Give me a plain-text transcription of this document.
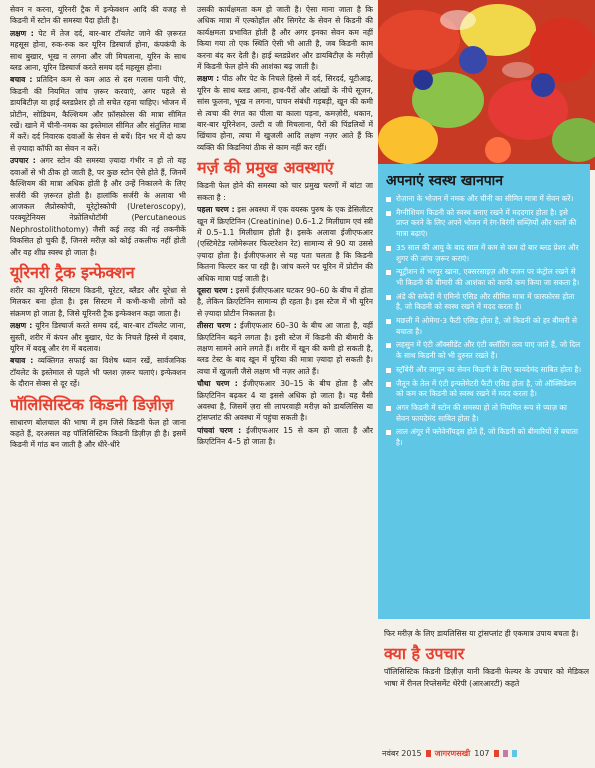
सेवन न करना, यूरिनरी ट्रैक में इन्फेक्शन आदि की वजह से किडनी में स्टोन की समस्या पैदा होती है।

लक्षण : पेट में तेज दर्द, बार-बार टॉयलेट जाने की ज़रूरत महसूस होना, रुक-रुक कर यूरिन डिस्चार्ज होना, कंपकंपी के साथ बुखार, भूख न लगना और जी मिचलाना, यूरिन के साथ ब्लड आना, यूरिन डिस्चार्ज करते समय दर्द महसूस होना।

बचाव : प्रतिदिन कम से कम आठ से दस गलास पानी पीएं, किडनी की नियमित जांच ज़रूर करवाएं, अगर पहले से डायबिटीज़ या हाई ब्लडप्रेशर हो तो सचेत रहना चाहिए। भोजन में प्रोटीन, सोडियम, कैल्शियम और फ़ॉस्फ़ोरस की मात्रा सीमित रखें। खाने में चीनी-नमक का इस्तेमाल सीमित और संतुलित मात्रा में करें। दर्द निवारक दवाओं के सेवन से बचें। दिन भर में दो कप से ज़्यादा कॉफी का सेवन न करें।

उपचार : अगर स्टोन की समस्या ज़्यादा गंभीर न हो तो यह दवाओं से भी ठीक हो जाती है, पर कुछ स्टोन ऐसे होते हैं, जिनमें कैल्शियम की मात्रा अधिक होती है और उन्हें निकालने के लिए सर्जरी की ज़रूरत होती है। हालांकि सर्जरी के अलावा भी आजकल लैप्रोस्कोपी, यूरेट्रोस्कोपी (Ureteroscopy), परक्यूटेनियस नेफ्रोलिथोटॉमी (Percutaneous Nephrostolithotomy) जैसी कई तरह की नई तकनीकें विकसित हो चुकी हैं, जिनसे मरीज़ को कोई तकलीफ नहीं होती और वह शीघ्र स्वस्थ हो जाता है।

यूरिनरी ट्रैक इन्फेक्शन

शरीर का यूरिनरी सिस्टम किडनी, यूरेटर, ब्लैडर और यूरेथ्रा से मिलकर बना होता है। इस सिस्टम में कभी-कभी लोगों को संक्रमण हो जाता है, जिसे यूरिनरी ट्रैक इन्फेक्शन कहा जाता है।

लक्षण : यूरिन डिस्चार्ज करते समय दर्द, बार-बार टॉयलेट जाना, सुस्ती, शरीर में कंपन और बुखार, पेट के निचले हिस्से में दबाव, यूरिन में बदबू और रंग में बदलाव।

बचाव : व्यक्तिगत सफाई का विशेष ध्यान रखें, सार्वजनिक टॉयलेट के इस्तेमाल से पहले भी फ्लश ज़रूर चलाएं। इन्फेक्शन के दौरान सेक्स से दूर रहें।

पॉलिसिस्टिक किडनी डिज़ीज़

साधारण बोलचाल की भाषा में हम जिसे किडनी फेल हो जाना कहते हैं, दरअसल वह पॉलिसिस्टिक किडनी डिज़ीज़ ही है। इसमें किडनी में गांठ बन जाती है और धीरे-धीरे

उसकी कार्यक्षमता कम हो जाती है। ऐसा माना जाता है कि अधिक मात्रा में एल्कोहॉल और सिगरेट के सेवन से किडनी की कार्यक्षमता प्रभावित होती है और अगर इनका सेवन कम नहीं किया गया तो एक स्थिति ऐसी भी आती है, जब किडनी काम करना बंद कर देती है। हाई ब्लडप्रेशर और डायबिटीज़ के मरीज़ों में किडनी फेल होने की आशंका बढ़ जाती है।

लक्षण : पीठ और पेट के निचले हिस्से में दर्द, सिरदर्द, यूटीआइ, यूरिन के साथ ब्लड आना, हाथ-पैरों और आंखों के नीचे सूजन, सांस फूलना, भूख न लगना, पाचन संबंधी गड़बड़ी, खून की कमी से त्वचा की रंगत का पीला या काला पड़ना, कमज़ोरी, थकान, बार-बार यूरिनेशन, उल्टी व जी मिचलाना, पैरों की पिंडलियों में खिंचाव होना, त्वचा में खुजली आदि लक्षण नज़र आते हैं कि व्यक्ति की किडनियां ठीक से काम नहीं कर रहीं।

मर्ज़ की प्रमुख अवस्थाएं

किडनी फेल होने की समस्या को चार प्रमुख चरणों में बांटा जा सकता है :

पहला चरण : इस अवस्था में एक वयस्क पुरुष के एक डेसिलीटर खून में क्रिएटिनिन (Creatinine) 0.6–1.2 मिलीग्राम एवं स्त्री में 0.5–1.1 मिलीग्राम होती है। इसके अलावा ईजीएफआर (एस्टिमेटेड ग्लोमेरूलर फिल्टरेशन रेट) सामान्य से 90 या उससे ज़्यादा होता है। ईजीएफआर से यह पता चलता है कि किडनी कितना फिल्टर कर पा रही है। जांच करने पर यूरिन में प्रोटीन की अधिक मात्रा पाई जाती है।

दूसरा चरण : इसमें ईजीएफआर घटकर 90–60 के बीच में होता है, लेकिन क्रिएटिनिन सामान्य ही रहता है। इस स्टेज में भी यूरिन से ज़्यादा प्रोटीन निकलता है।

तीसरा चरण : ईजीएफआर 60–30 के बीच आ जाता है, वहीं क्रिएटिनिन बढ़ने लगता है। इसी स्टेज में किडनी की बीमारी के लक्षण सामने आने लगते हैं। शरीर में खून की कमी हो सकती है, ब्लड टेस्ट के बाद खून में यूरिया की मात्रा ज़्यादा हो सकती है। त्वचा में खुजली जैसे लक्षण भी नज़र आते हैं।

चौथा चरण : ईजीएफआर 30–15 के बीच होता है और क्रिएटिनिन बढ़कर 4 या इससे अधिक हो जाता है। यह वैसी अवस्था है, जिसमें ज़रा सी लापरवाही मरीज़ को डायलिसिस या ट्रांसप्लांट की अवस्था में पहुंचा सकती है।

पांचवां चरण : ईजीएफआर 15 से कम हो जाता है और क्रिएटिनिन 4–5 हो जाता है।

अपनाएं स्वस्थ खानपान
रोज़ाना के भोजन में नमक और चीनी का सीमित मात्रा में सेवन करें।
मैग्नीशियम किडनी को स्वस्थ बनाए रखने में मददगार होता है। इसे प्राप्त करने के लिए अपने भोजन में रंग-बिरंगी सब्ज़ियों और फलों की मात्रा बढ़ाएं।
35 साल की आयु के बाद साल में कम से कम दो बार ब्लड प्रेशर और शुगर की जांच ज़रूर कराएं।
न्यूट्रीशन से भरपूर खाना, एक्सरसाइज़ और वज़न पर कंट्रोल रखने से भी किडनी की बीमारी की आशंका को काफी कम किया जा सकता है।
अंडे की सफेदी में एमिनो एसिड और सीमित मात्रा में फ़ास्फ़ोरस होता है, जो किडनी को स्वस्थ रखने में मदद करता है।
मछली में ओमेगा-3 फैटी एसिड होता है, जो किडनी को हर बीमारी से बचाता है।
लहसुन में एंटी ऑक्सीडेंट और एंटी क्लॉटिंग तत्व पाए जाते हैं, जो दिल के साथ किडनी को भी दुरुस्त रखते हैं।
स्ट्रॉबेरी और जामुन का सेवन किडनी के लिए फायदेमंद साबित होता है।
जैतून के तेल में एंटी इन्फ्लेमेटरी फैटी एसिड होता है, जो ऑक्सिडेशन को कम कर किडनी को स्वस्थ रखने में मदद करता है।
अगर किडनी में स्टोन की समस्या हो तो नियमित रूप से प्याज़ का सेवन फायदेमंद साबित होता है।
लाल अंगूर में फ्लेवेनॉयड्स होते हैं, जो किडनी को बीमारियों से बचाता है।

फिर मरीज़ के लिए डायलिसिस या ट्रांसप्लांट ही एकमात्र उपाय बचता है।

क्या है उपचार

पॉलिसिस्टिक किडनी डिज़ीज़ यानी किडनी फेल्यर के उपचार को मेडिकल भाषा में रीनल रिप्लेसमेंट थेरेपी (आरआरटी) कहते

नवंबर 2015 जागरणसखी 107
